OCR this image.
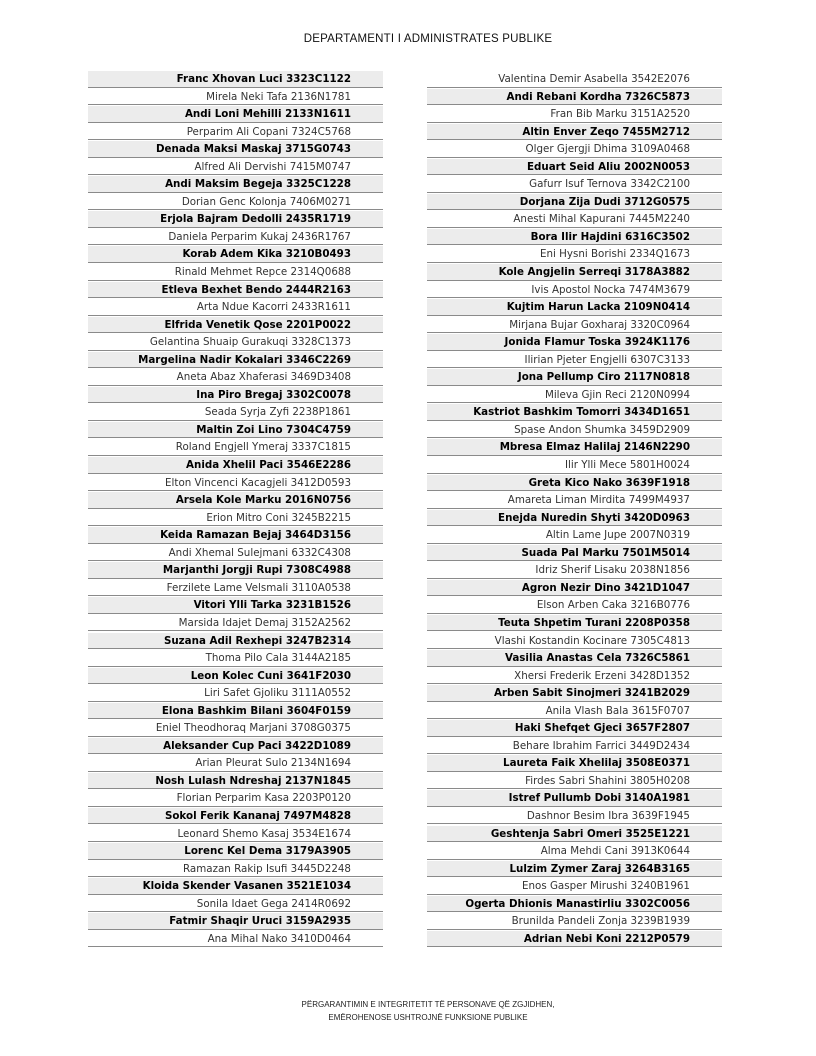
DEPARTAMENTI I ADMINISTRATES PUBLIKE
Franc Xhovan Luci 3323C1122
Mirela Neki Tafa 2136N1781
Andi Loni Mehilli 2133N1611
Perparim Ali Copani 7324C5768
Denada Maksi Maskaj 3715G0743
Alfred Ali Dervishi 7415M0747
Andi Maksim Begeja 3325C1228
Dorian Genc Kolonja 7406M0271
Erjola Bajram Dedolli 2435R1719
Daniela Perparim Kukaj 2436R1767
Korab Adem Kika 3210B0493
Rinald Mehmet Repce 2314Q0688
Etleva Bexhet Bendo 2444R2163
Arta Ndue Kacorri 2433R1611
Elfrida Venetik Qose 2201P0022
Gelantina Shuaip Gurakuqi 3328C1373
Margelina Nadir Kokalari 3346C2269
Aneta Abaz Xhaferasi 3469D3408
Ina Piro Bregaj 3302C0078
Seada Syrja Zyfi 2238P1861
Maltin Zoi Lino 7304C4759
Roland Engjell Ymeraj 3337C1815
Anida Xhelil Paci 3546E2286
Elton Vincenci Kacagjeli 3412D0593
Arsela Kole Marku 2016N0756
Erion Mitro Coni 3245B2215
Keida Ramazan Bejaj 3464D3156
Andi Xhemal Sulejmani 6332C4308
Marjanthi Jorgji Rupi 7308C4988
Ferzilete Lame Velsmali 3110A0538
Vitori Ylli Tarka 3231B1526
Marsida Idajet Demaj 3152A2562
Suzana Adil Rexhepi 3247B2314
Thoma Pilo Cala 3144A2185
Leon Kolec Cuni 3641F2030
Liri Safet Gjoliku 3111A0552
Elona Bashkim Bilani 3604F0159
Eniel Theodhoraq Marjani 3708G0375
Aleksander Cup Paci 3422D1089
Arian Pleurat Sulo 2134N1694
Nosh Lulash Ndreshaj 2137N1845
Florian Perparim Kasa 2203P0120
Sokol Ferik Kananaj 7497M4828
Leonard Shemo Kasaj 3534E1674
Lorenc Kel Dema 3179A3905
Ramazan Rakip Isufi 3445D2248
Kloida Skender Vasanen 3521E1034
Sonila Idaet Gega 2414R0692
Fatmir Shaqir Uruci 3159A2935
Ana Mihal Nako 3410D0464
Valentina Demir Asabella 3542E2076
Andi Rebani Kordha 7326C5873
Fran Bib Marku 3151A2520
Altin Enver Zeqo 7455M2712
Olger Gjergji Dhima 3109A0468
Eduart Seid Aliu 2002N0053
Gafurr Isuf Ternova 3342C2100
Dorjana Zija Dudi 3712G0575
Anesti Mihal Kapurani 7445M2240
Bora Ilir Hajdini 6316C3502
Eni Hysni Borishi 2334Q1673
Kole Angjelin Serreqi 3178A3882
Ivis Apostol Nocka 7474M3679
Kujtim Harun Lacka 2109N0414
Mirjana Bujar Goxharaj 3320C0964
Jonida Flamur Toska 3924K1176
Ilirian Pjeter Engjelli 6307C3133
Jona Pellump Ciro 2117N0818
Mileva Gjin Reci 2120N0994
Kastriot Bashkim Tomorri 3434D1651
Spase Andon Shumka 3459D2909
Mbresa Elmaz Halilaj 2146N2290
Ilir Ylli Mece 5801H0024
Greta Kico Nako 3639F1918
Amareta Liman Mirdita 7499M4937
Enejda Nuredin Shyti 3420D0963
Altin Lame Jupe 2007N0319
Suada Pal Marku 7501M5014
Idriz Sherif Lisaku 2038N1856
Agron Nezir Dino 3421D1047
Elson Arben Caka 3216B0776
Teuta Shpetim Turani 2208P0358
Vlashi Kostandin Kocinare 7305C4813
Vasilia Anastas Cela 7326C5861
Xhersi Frederik Erzeni 3428D1352
Arben Sabit Sinojmeri 3241B2029
Anila Vlash Bala 3615F0707
Haki Shefqet Gjeci 3657F2807
Behare Ibrahim Farrici 3449D2434
Laureta Faik Xhelilaj 3508E0371
Firdes Sabri Shahini 3805H0208
Istref Pullumb Dobi 3140A1981
Dashnor Besim Ibra 3639F1945
Geshtenja Sabri Omeri 3525E1221
Alma Mehdi Cani 3913K0644
Lulzim Zymer Zaraj 3264B3165
Enos Gasper Mirushi 3240B1961
Ogerta Dhionis Manastirliu 3302C0056
Brunilda Pandeli Zonja 3239B1939
Adrian Nebi Koni 2212P0579
PËRGARANTIMIN E INTEGRITETIT TË PERSONAVE QË ZGJIDHEN,
EMËROHENOSE USHTROJNË FUNKSIONE PUBLIKE
